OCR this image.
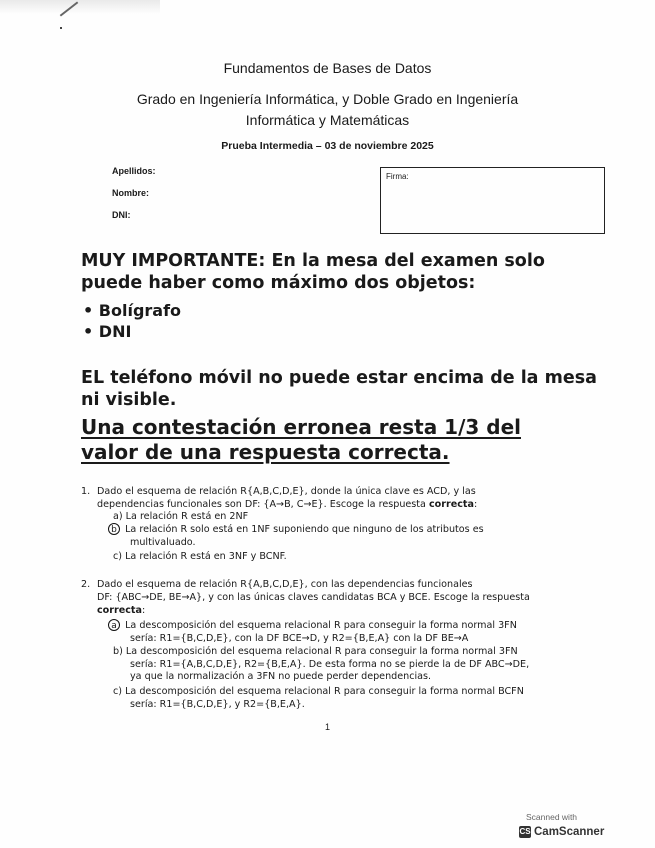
Fundamentos de Bases de Datos
Grado en Ingeniería Informática, y Doble Grado en Ingeniería
Informática y Matemáticas
Prueba Intermedia – 03 de noviembre 2025
Apellidos:
Nombre:
DNI:
Firma:
MUY IMPORTANTE: En la mesa del examen solo
puede haber como máximo dos objetos:
• Bolígrafo
• DNI
EL teléfono móvil no puede estar encima de la mesa
ni visible.
Una contestación erronea resta 1/3 del
valor de una respuesta correcta.
1. Dado el esquema de relación R{A,B,C,D,E}, donde la única clave es ACD, y las
dependencias funcionales son DF: {A→B, C→E}. Escoge la respuesta correcta:
a) La relación R está en 2NF
b La relación R solo está en 1NF suponiendo que ninguno de los atributos es
multivaluado.
c) La relación R está en 3NF y BCNF.
2. Dado el esquema de relación R{A,B,C,D,E}, con las dependencias funcionales
DF: {ABC→DE, BE→A}, y con las únicas claves candidatas BCA y BCE. Escoge la respuesta
correcta:
a La descomposición del esquema relacional R para conseguir la forma normal 3FN
sería: R1={B,C,D,E}, con la DF BCE→D, y R2={B,E,A} con la DF BE→A
b) La descomposición del esquema relacional R para conseguir la forma normal 3FN
sería: R1={A,B,C,D,E}, R2={B,E,A}. De esta forma no se pierde la de DF ABC→DE,
ya que la normalización a 3FN no puede perder dependencias.
c) La descomposición del esquema relacional R para conseguir la forma normal BCFN
sería: R1={B,C,D,E}, y R2={B,E,A}.
1
Scanned with
CS CamScanner
